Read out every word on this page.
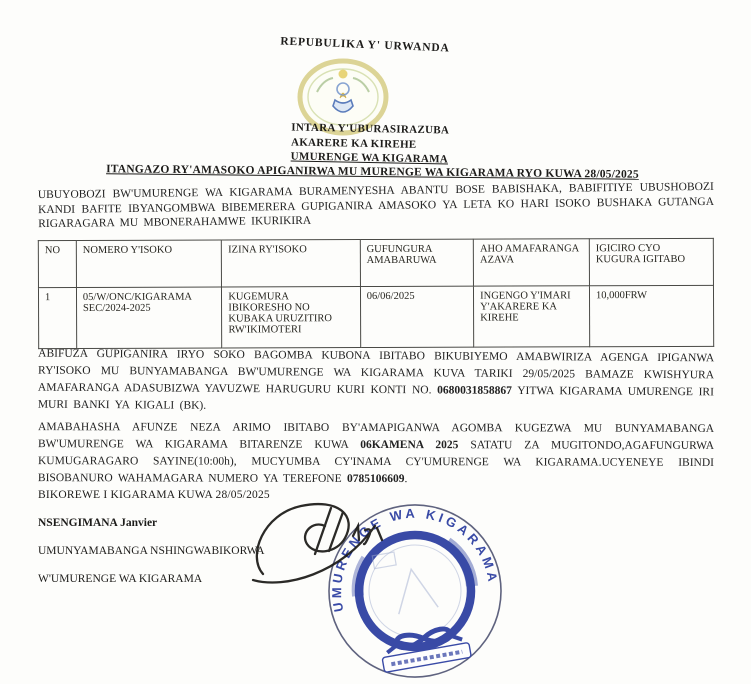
REPUBULIKA Y' URWANDA
INTARA Y'UBURASIRAZUBA
AKARERE KA KIREHE
UMURENGE WA KIGARAMA
ITANGAZO RY'AMASOKO APIGANIRWA MU MURENGE WA KIGARAMA RYO KUWA 28/05/2025
UBUYOBOZI BW'UMURENGE WA KIGARAMA BURAMENYESHA ABANTU BOSE BABISHAKA, BABIFITIYE UBUSHOBOZI KANDI BAFITE IBYANGOMBWA BIBEMERERA GUPIGANIRA AMASOKO YA LETA KO HARI ISOKO BUSHAKA GUTANGA RIGARAGARA MU MBONERAHAMWE IKURIKIRA
NO	NOMERO Y'ISOKO	IZINA RY'ISOKO	GUFUNGURA AMABARUWA	AHO AMAFARANGA AZAVA	IGICIRO CYO KUGURA IGITABO
1	05/W/ONC/KIGARAMA SEC/2024-2025	KUGEMURA IBIKORESHO NO KUBAKA URUZITIRO RW'IKIMOTERI	06/06/2025	INGENGO Y'IMARI Y'AKARERE KA KIREHE	10,000FRW
ABIFUZA GUPIGANIRA IRYO SOKO BAGOMBA KUBONA IBITABO BIKUBIYEMO AMABWIRIZA AGENGA IPIGANWA RY'ISOKO MU BUNYAMABANGA BW'UMURENGE WA KIGARAMA KUVA TARIKI 29/05/2025 BAMAZE KWISHYURA AMAFARANGA ADASUBIZWA YAVUZWE HARUGURU KURI KONTI NO. 0680031858867 YITWA KIGARAMA UMURENGE IRI MURI BANKI YA KIGALI (BK).
AMABAHASHA AFUNZE NEZA ARIMO IBITABO BY'AMAPIGANWA AGOMBA KUGEZWA MU BUNYAMABANGA BW'UMURENGE WA KIGARAMA BITARENZE KUWA 06KAMENA 2025 SATATU ZA MUGITONDO,AGAFUNGURWA KUMUGARAGARO SAYINE(10:00h), MUCYUMBA CY'INAMA CY'UMURENGE WA KIGARAMA.UCYENEYE IBINDI BISOBANURO WAHAMAGARA NUMERO YA TEREFONE 0785106609.
BIKOREWE I KIGARAMA KUWA 28/05/2025
NSENGIMANA Janvier
UMUNYAMABANGA NSHINGWABIKORWA
W'UMURENGE WA KIGARAMA
UMURENGE WA KIGARAMA
